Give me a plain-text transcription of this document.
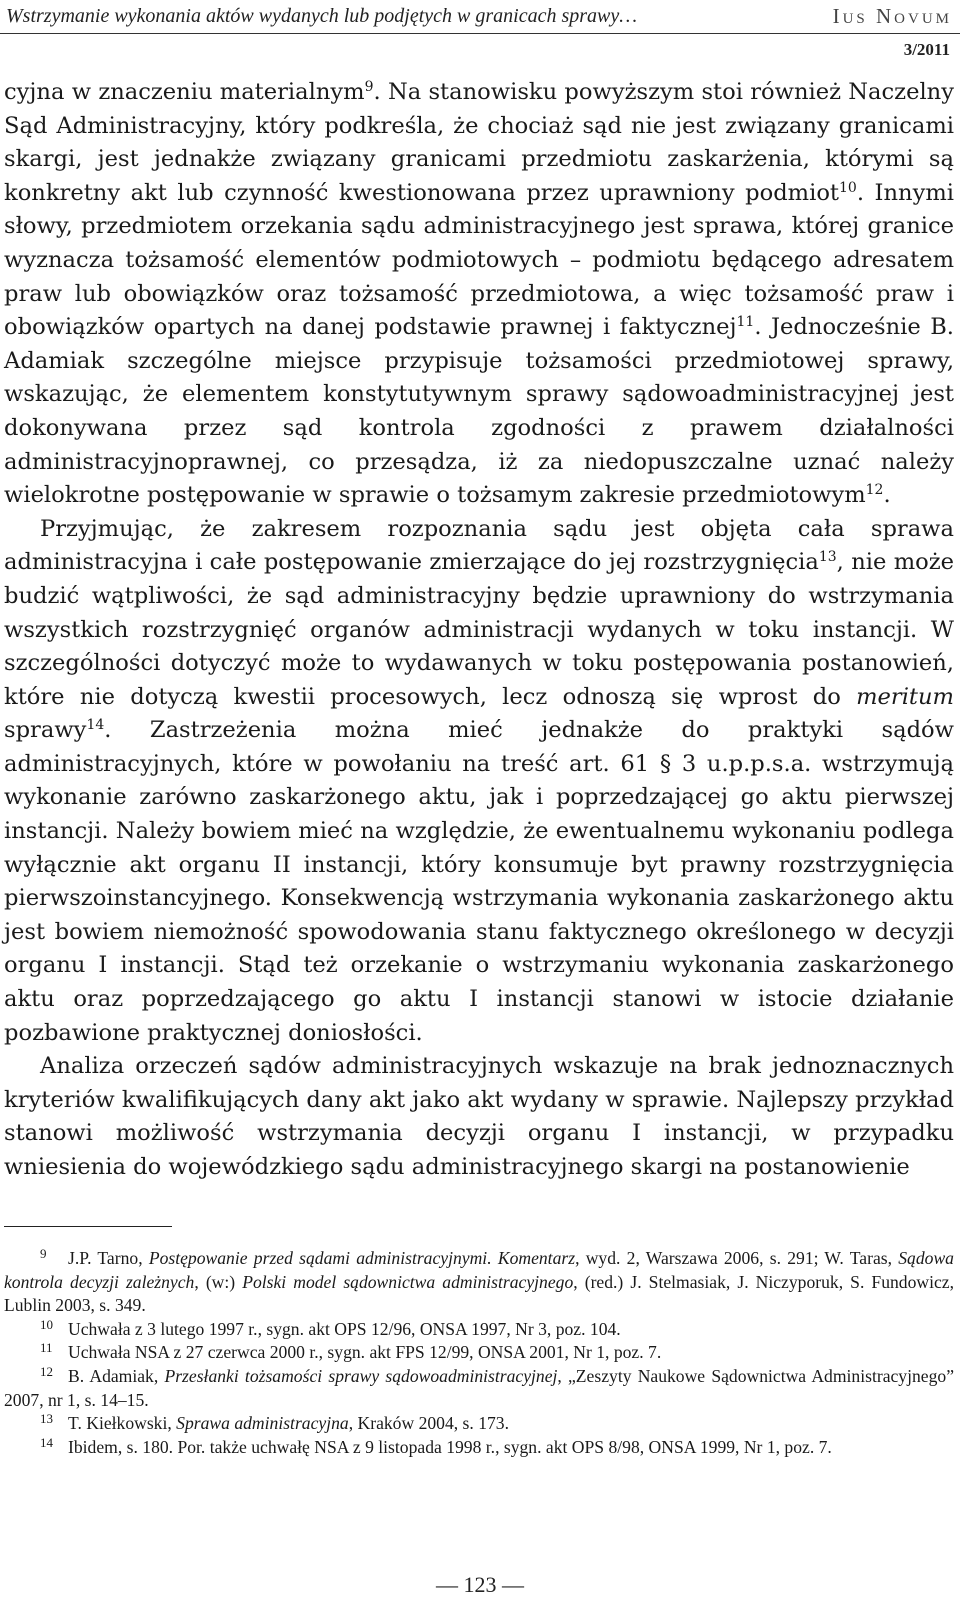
Wstrzymanie wykonania aktów wydanych lub podjętych w granicach sprawy…	Ius Novum
3/2011

cyjna w znaczeniu materialnym$^9$. Na stanowisku powyższym stoi również Naczelny Sąd Administracyjny, który podkreśla, że chociaż sąd nie jest związany granicami skargi, jest jednakże związany granicami przedmiotu zaskarżenia, którymi są konkretny akt lub czynność kwestionowana przez uprawniony podmiot$^{10}$. Innymi słowy, przedmiotem orzekania sądu administracyjnego jest sprawa, której granice wyznacza tożsamość elementów podmiotowych – podmiotu będącego adresatem praw lub obowiązków oraz tożsamość przedmiotowa, a więc tożsamość praw i obowiązków opartych na danej podstawie prawnej i faktycznej$^{11}$. Jednocześnie B. Adamiak szczególne miejsce przypisuje tożsamości przedmiotowej sprawy, wskazując, że elementem konstytutywnym sprawy sądowoadministracyjnej jest dokonywana przez sąd kontrola zgodności z prawem działalności administracyjnoprawnej, co przesądza, iż za niedopuszczalne uznać należy wielokrotne postępowanie w sprawie o tożsamym zakresie przedmiotowym$^{12}$.

Przyjmując, że zakresem rozpoznania sądu jest objęta cała sprawa administracyjna i całe postępowanie zmierzające do jej rozstrzygnięcia$^{13}$, nie może budzić wątpliwości, że sąd administracyjny będzie uprawniony do wstrzymania wszystkich rozstrzygnięć organów administracji wydanych w toku instancji. W szczególności dotyczyć może to wydawanych w toku postępowania postanowień, które nie dotyczą kwestii procesowych, lecz odnoszą się wprost do meritum sprawy$^{14}$. Zastrzeżenia można mieć jednakże do praktyki sądów administracyjnych, które w powołaniu na treść art. 61 § 3 u.p.p.s.a. wstrzymują wykonanie zarówno zaskarżonego aktu, jak i poprzedzającej go aktu pierwszej instancji. Należy bowiem mieć na względzie, że ewentualnemu wykonaniu podlega wyłącznie akt organu II instancji, który konsumuje byt prawny rozstrzygnięcia pierwszoinstancyjnego. Konsekwencją wstrzymania wykonania zaskarżonego aktu jest bowiem niemożność spowodowania stanu faktycznego określonego w decyzji organu I instancji. Stąd też orzekanie o wstrzymaniu wykonania zaskarżonego aktu oraz poprzedzającego go aktu I instancji stanowi w istocie działanie pozbawione praktycznej doniosłości.

Analiza orzeczeń sądów administracyjnych wskazuje na brak jednoznacznych kryteriów kwalifikujących dany akt jako akt wydany w sprawie. Najlepszy przykład stanowi możliwość wstrzymania decyzji organu I instancji, w przypadku wniesienia do wojewódzkiego sądu administracyjnego skargi na postanowienie

9 J.P. Tarno, Postępowanie przed sądami administracyjnymi. Komentarz, wyd. 2, Warszawa 2006, s. 291; W. Taras, Sądowa kontrola decyzji zależnych, (w:) Polski model sądownictwa administracyjnego, (red.) J. Stelmasiak, J. Niczyporuk, S. Fundowicz, Lublin 2003, s. 349.

10 Uchwała z 3 lutego 1997 r., sygn. akt OPS 12/96, ONSA 1997, Nr 3, poz. 104.

11 Uchwała NSA z 27 czerwca 2000 r., sygn. akt FPS 12/99, ONSA 2001, Nr 1, poz. 7.

12 B. Adamiak, Przesłanki tożsamości sprawy sądowoadministracyjnej, „Zeszyty Naukowe Sądownictwa Administracyjnego” 2007, nr 1, s. 14–15.

13 T. Kiełkowski, Sprawa administracyjna, Kraków 2004, s. 173.

14 Ibidem, s. 180. Por. także uchwałę NSA z 9 listopada 1998 r., sygn. akt OPS 8/98, ONSA 1999, Nr 1, poz. 7.

— 123 —
